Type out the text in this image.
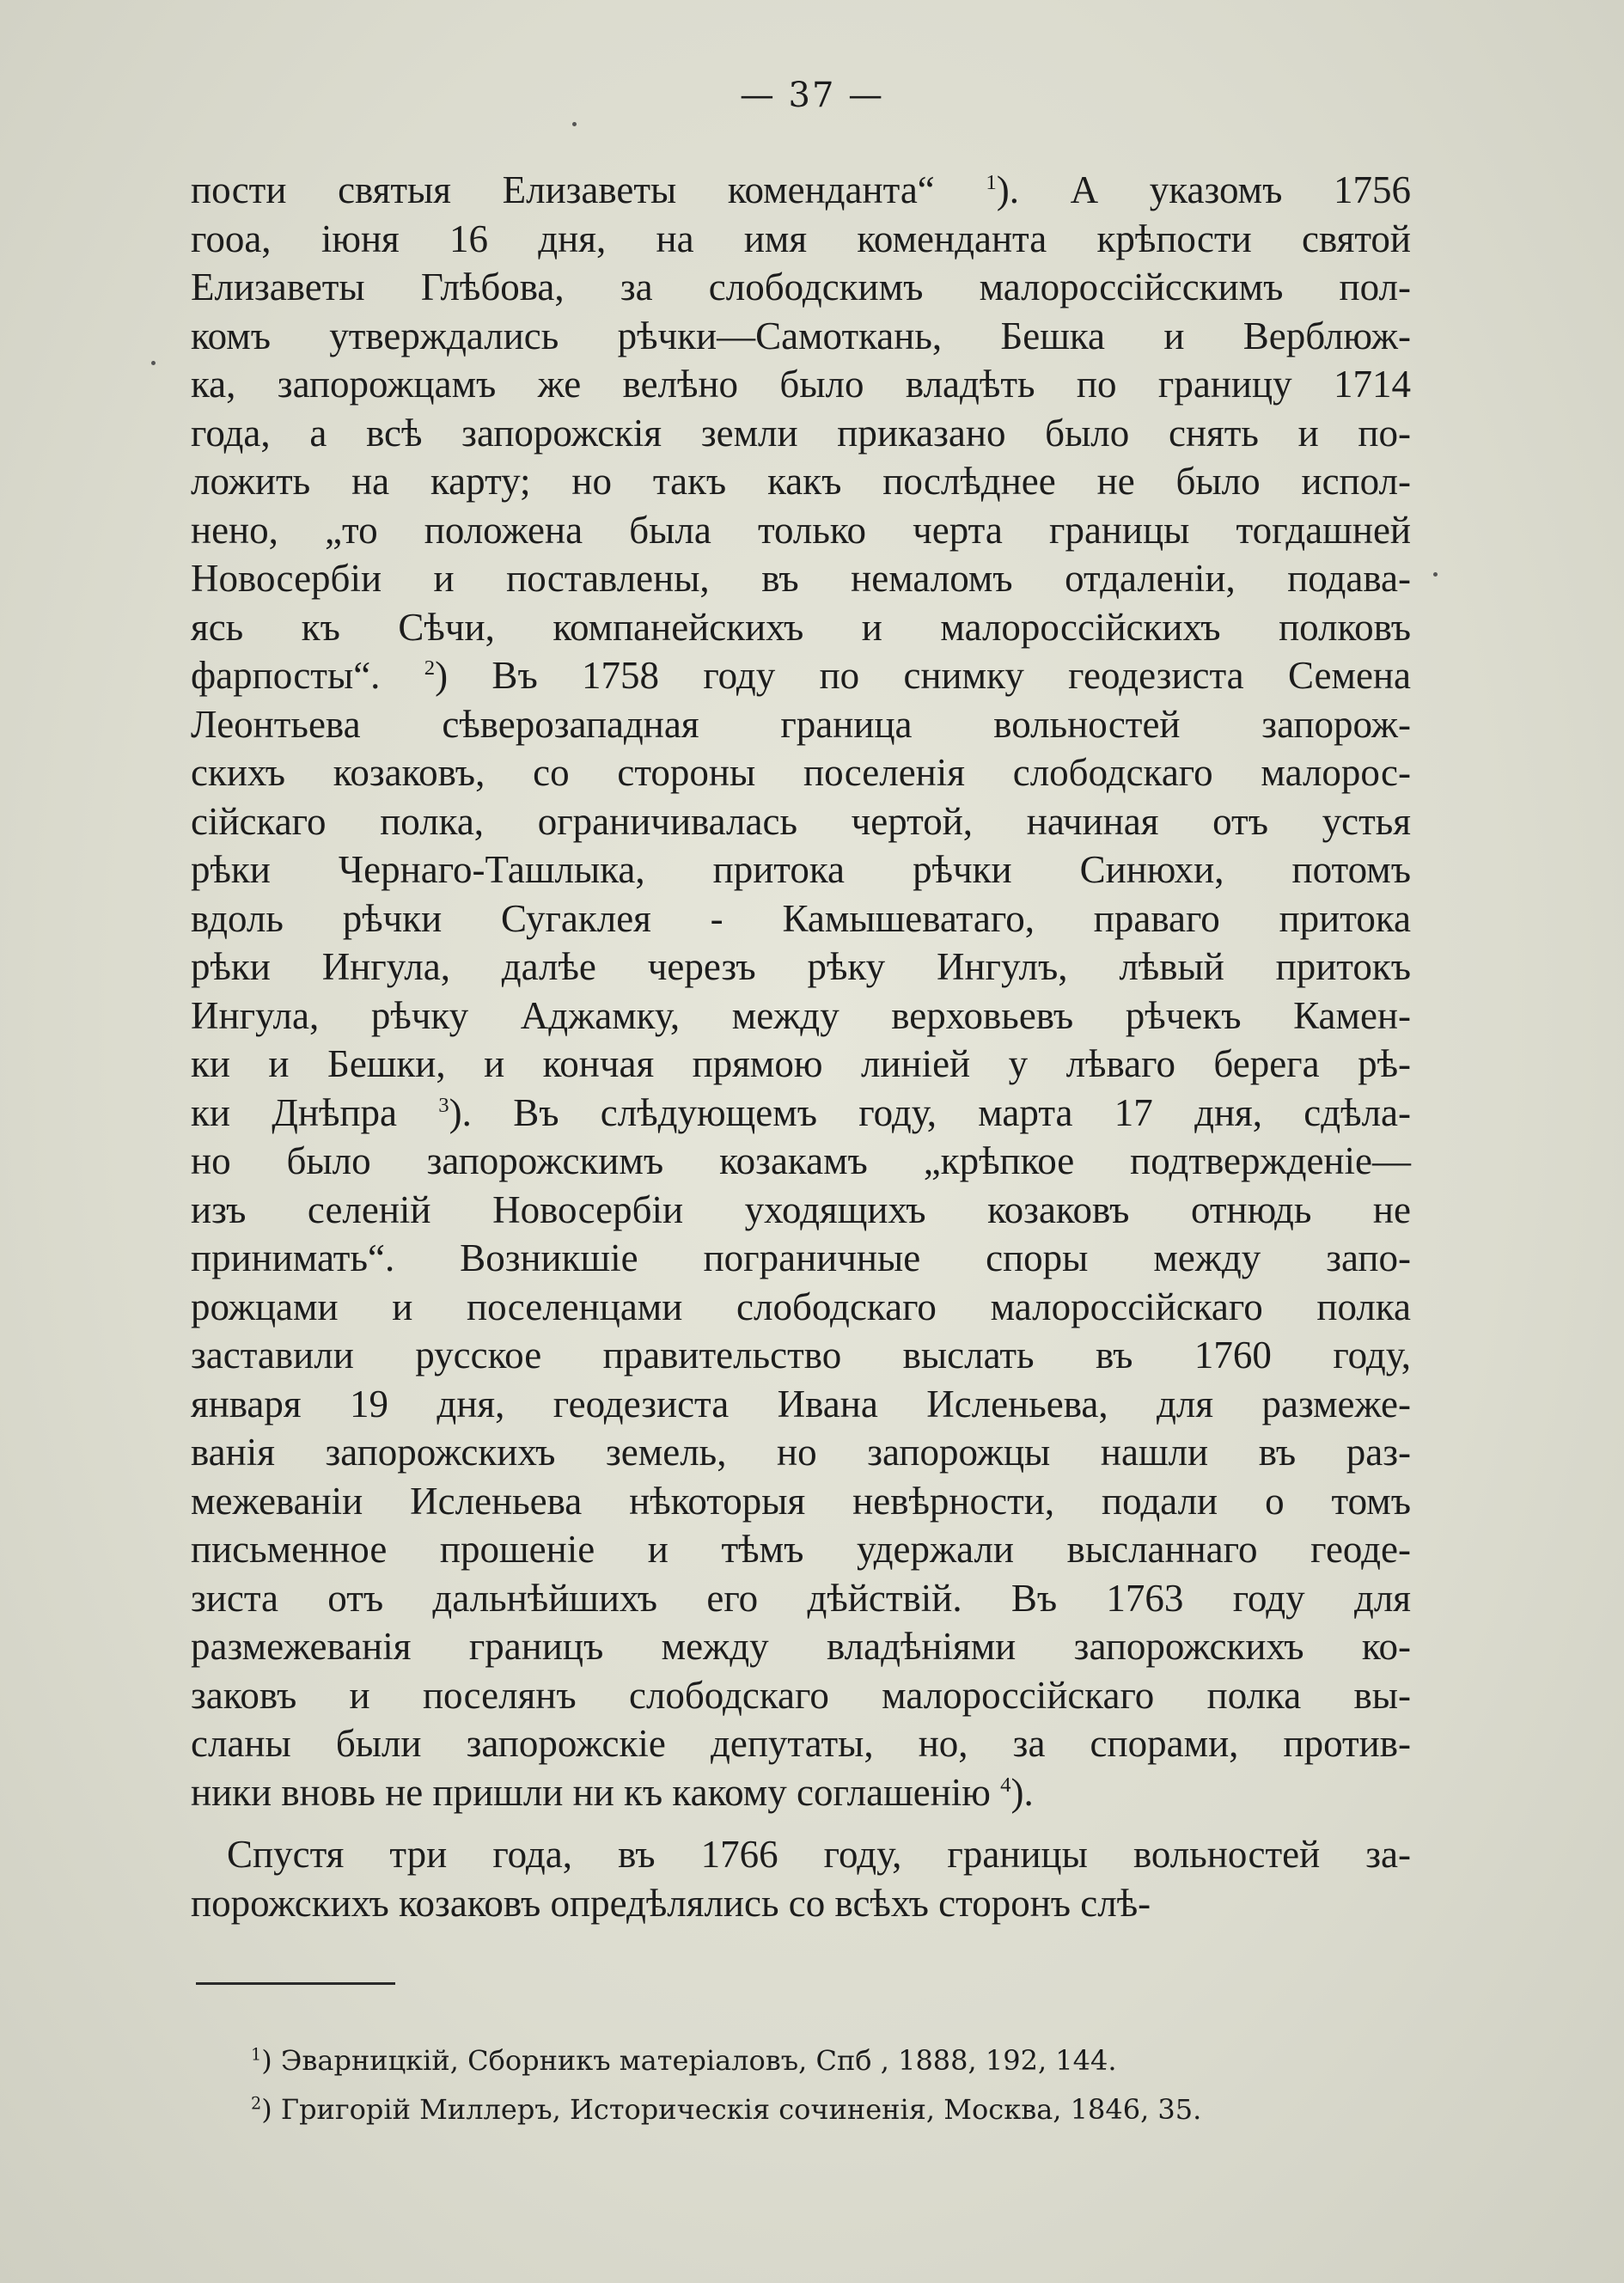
— 37 —
пости святыя Елизаветы коменданта“ $^1$). А указомъ 1756
гооа, iюня 16 дня, на имя коменданта крѣпости святой
Елизаветы Глѣбова, за слободскимъ малороссiйсскимъ пол-
комъ утверждались рѣчки—Самоткань, Бешка и Верблюж-
ка, запорожцамъ же велѣно было владѣть по границу 1714
года, а всѣ запорожскiя земли приказано было снять и по-
ложить на карту; но такъ какъ послѣднее не было испол-
нено, „то положена была только черта границы тогдашней
Новосербiи и поставлены, въ немаломъ отдаленiи, подава-
ясь къ Сѣчи, компанейскихъ и малороссiйскихъ полковъ
фарпосты“. $^2$) Въ 1758 году по снимку геодезиста Семена
Леонтьева сѣверозападная граница вольностей запорож-
скихъ козаковъ, со стороны поселенiя слободскаго малорос-
сiйскаго полка, ограничивалась чертой, начиная отъ устья
рѣки Чернаго-Ташлыка, притока рѣчки Синюхи, потомъ
вдоль рѣчки Сугаклея - Камышеватаго, праваго притока
рѣки Ингула, далѣе черезъ рѣку Ингулъ, лѣвый притокъ
Ингула, рѣчку Аджамку, между верховьевъ рѣчекъ Камен-
ки и Бешки, и кончая прямою линiей у лѣваго берега рѣ-
ки Днѣпра $^3$). Въ слѣдующемъ году, марта 17 дня, сдѣла-
но было запорожскимъ козакамъ „крѣпкое подтвержденiе—
изъ селенiй Новосербiи уходящихъ козаковъ отнюдь не
принимать“. Возникшiе пограничные споры между запо-
рожцами и поселенцами слободскаго малороссiйскаго полка
заставили русское правительство выслать въ 1760 году,
января 19 дня, геодезиста Ивана Исленьева, для размеже-
ванiя запорожскихъ земель, но запорожцы нашли въ раз-
межеванiи Исленьева нѣкоторыя невѣрности, подали о томъ
письменное прошенiе и тѣмъ удержали высланнаго геоде-
зиста отъ дальнѣйшихъ его дѣйствiй. Въ 1763 году для
размежеванiя границъ между владѣнiями запорожскихъ ко-
заковъ и поселянъ слободскаго малороссiйскаго полка вы-
сланы были запорожскiе депутаты, но, за спорами, против-
ники вновь не пришли ни къ какому соглашенiю $^4$).
Спустя три года, въ 1766 году, границы вольностей за-
порожскихъ козаковъ опредѣлялись со всѣхъ сторонъ слѣ-
$^1$) Эварницкiй, Сборникъ матерiаловъ, Спб , 1888, 192, 144.
$^2$) Григорiй Миллеръ, Историческiя сочиненiя, Москва, 1846, 35.
